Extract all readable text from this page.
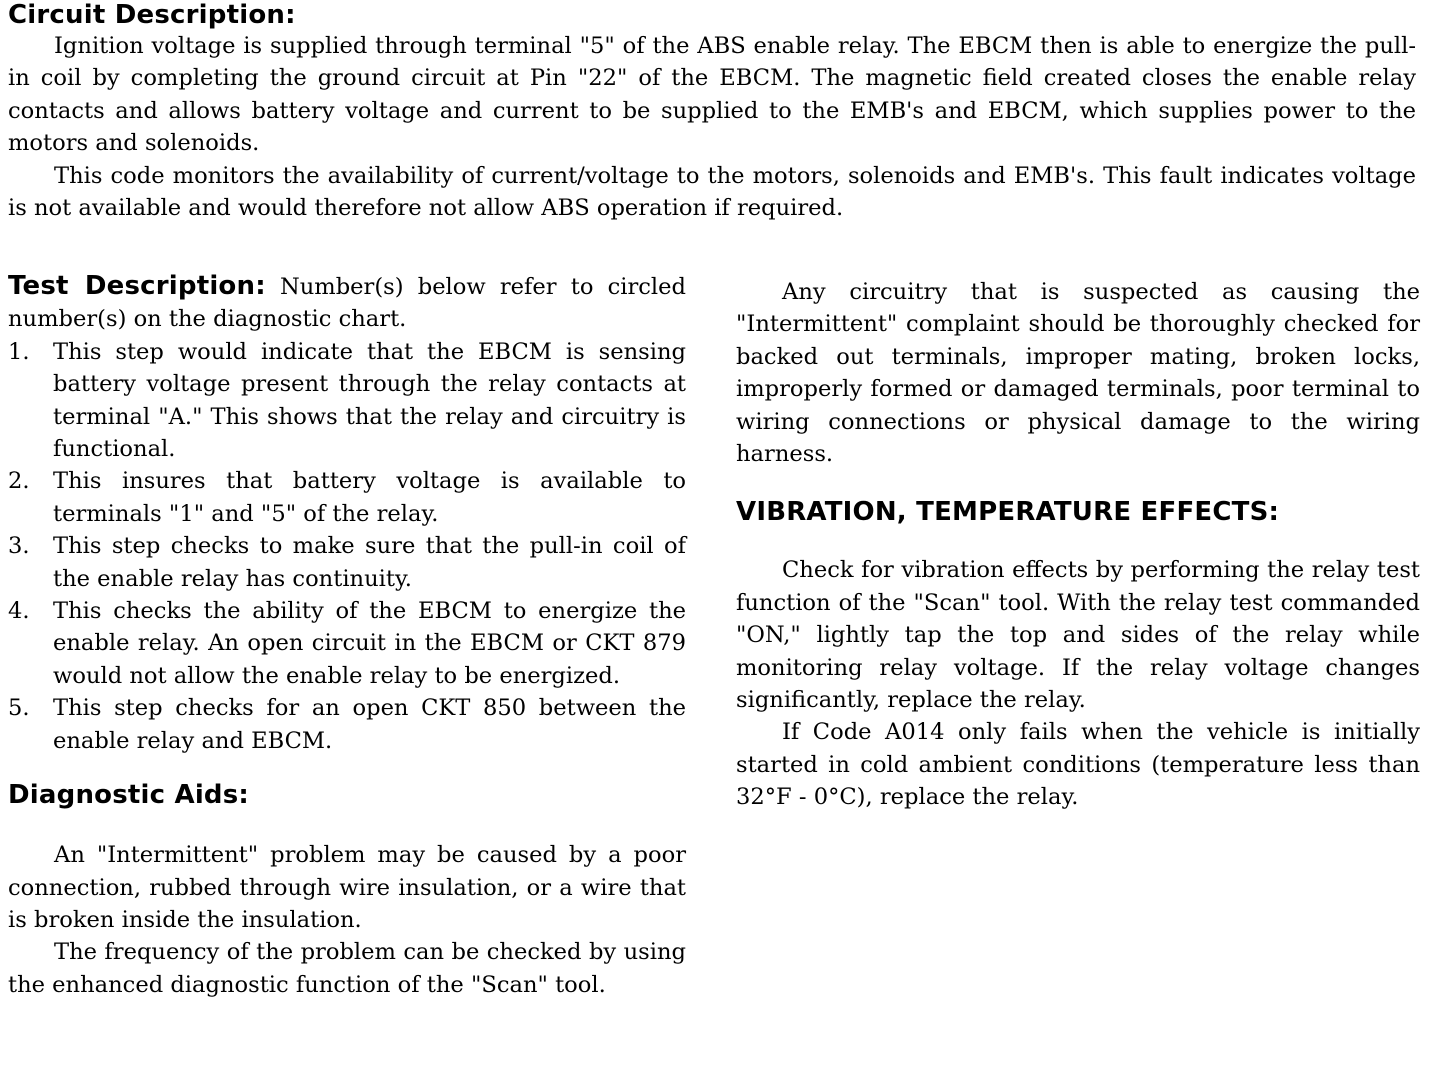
Circuit Description:

Ignition voltage is supplied through terminal "5" of the ABS enable relay. The EBCM then is able to energize the pull-in coil by completing the ground circuit at Pin "22" of the EBCM. The magnetic field created closes the enable relay contacts and allows battery voltage and current to be supplied to the EMB's and EBCM, which supplies power to the motors and solenoids.

This code monitors the availability of current/voltage to the motors, solenoids and EMB's. This fault indicates voltage is not available and would therefore not allow ABS operation if required.

Test Description: Number(s) below refer to circled number(s) on the diagnostic chart.

1. This step would indicate that the EBCM is sensing battery voltage present through the relay contacts at terminal "A." This shows that the relay and circuitry is functional.
2. This insures that battery voltage is available to terminals "1" and "5" of the relay.
3. This step checks to make sure that the pull-in coil of the enable relay has continuity.
4. This checks the ability of the EBCM to energize the enable relay. An open circuit in the EBCM or CKT 879 would not allow the enable relay to be energized.
5. This step checks for an open CKT 850 between the enable relay and EBCM.
Diagnostic Aids:

An "Intermittent" problem may be caused by a poor connection, rubbed through wire insulation, or a wire that is broken inside the insulation.

The frequency of the problem can be checked by using the enhanced diagnostic function of the "Scan" tool.

Any circuitry that is suspected as causing the "Intermittent" complaint should be thoroughly checked for backed out terminals, improper mating, broken locks, improperly formed or damaged terminals, poor terminal to wiring connections or physical damage to the wiring harness.

VIBRATION, TEMPERATURE EFFECTS:

Check for vibration effects by performing the relay test function of the "Scan" tool. With the relay test commanded "ON," lightly tap the top and sides of the relay while monitoring relay voltage. If the relay voltage changes significantly, replace the relay.

If Code A014 only fails when the vehicle is initially started in cold ambient conditions (temperature less than 32°F - 0°C), replace the relay.
